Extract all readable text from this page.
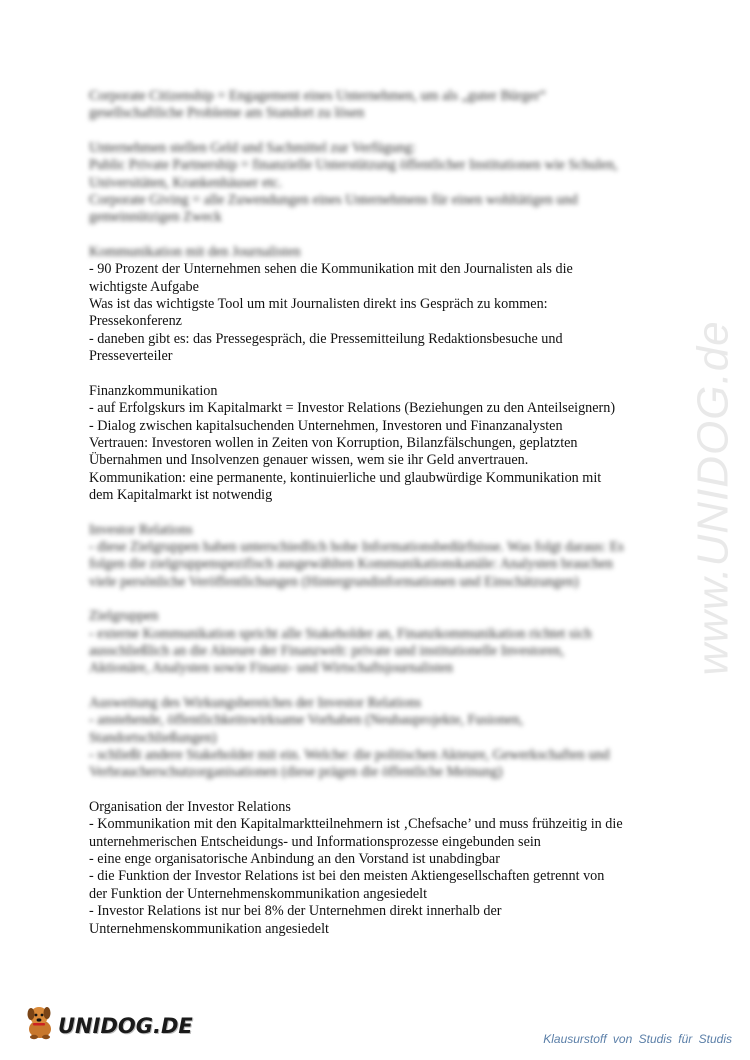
www.UNIDOG.de
Corporate Citizenship = Engagement eines Unternehmen, um als „guter Bürger“
gesellschaftliche Probleme am Standort zu lösen
Unternehmen stellen Geld und Sachmittel zur Verfügung:
Public Private Partnership = finanzielle Unterstützung öffentlicher Institutionen wie Schulen,
Universitäten, Krankenhäuser etc.
Corporate Giving = alle Zuwendungen eines Unternehmens für einen wohltätigen und
gemeinnützigen Zweck
Kommunikation mit den Journalisten
- 90 Prozent der Unternehmen sehen die Kommunikation mit den Journalisten als die
wichtigste Aufgabe
Was ist das wichtigste Tool um mit Journalisten direkt ins Gespräch zu kommen:
Pressekonferenz
- daneben gibt es: das Pressegespräch, die Pressemitteilung Redaktionsbesuche und
Presseverteiler
Finanzkommunikation
- auf Erfolgskurs im Kapitalmarkt = Investor Relations (Beziehungen zu den Anteilseignern)
- Dialog zwischen kapitalsuchenden Unternehmen, Investoren und Finanzanalysten
Vertrauen: Investoren wollen in Zeiten von Korruption, Bilanzfälschungen, geplatzten
Übernahmen und Insolvenzen genauer wissen, wem sie ihr Geld anvertrauen.
Kommunikation: eine permanente, kontinuierliche und glaubwürdige Kommunikation mit
dem Kapitalmarkt ist notwendig
Investor Relations
- diese Zielgruppen haben unterschiedlich hohe Informationsbedürfnisse. Was folgt daraus: Es
folgen die zielgruppenspezifisch ausgewählten Kommunikationskanäle: Analysten brauchen
viele persönliche Veröffentlichungen (Hintergrundinformationen und Einschätzungen)
Zielgruppen
- externe Kommunikation spricht alle Stakeholder an, Finanzkommunikation richtet sich
ausschließlich an die Akteure der Finanzwelt: private und institutionelle Investoren,
Aktionäre, Analysten sowie Finanz- und Wirtschaftsjournalisten
Ausweitung des Wirkungsbereiches der Investor Relations
- anstehende, öffentlichkeitswirksame Vorhaben (Neubauprojekte, Fusionen,
Standortschließungen)
- schließt andere Stakeholder mit ein. Welche: die politischen Akteure, Gewerkschaften und
Verbraucherschutzorganisationen (diese prägen die öffentliche Meinung)
Organisation der Investor Relations
- Kommunikation mit den Kapitalmarktteilnehmern ist ‚Chefsache’ und muss frühzeitig in die
unternehmerischen Entscheidungs- und Informationsprozesse eingebunden sein
- eine enge organisatorische Anbindung an den Vorstand ist unabdingbar
- die Funktion der Investor Relations ist bei den meisten Aktiengesellschaften getrennt von
der Funktion der Unternehmenskommunikation angesiedelt
- Investor Relations ist nur bei 8% der Unternehmen direkt innerhalb der
Unternehmenskommunikation angesiedelt
UNIDOG.DE
Klausurstoff von Studis für Studis
